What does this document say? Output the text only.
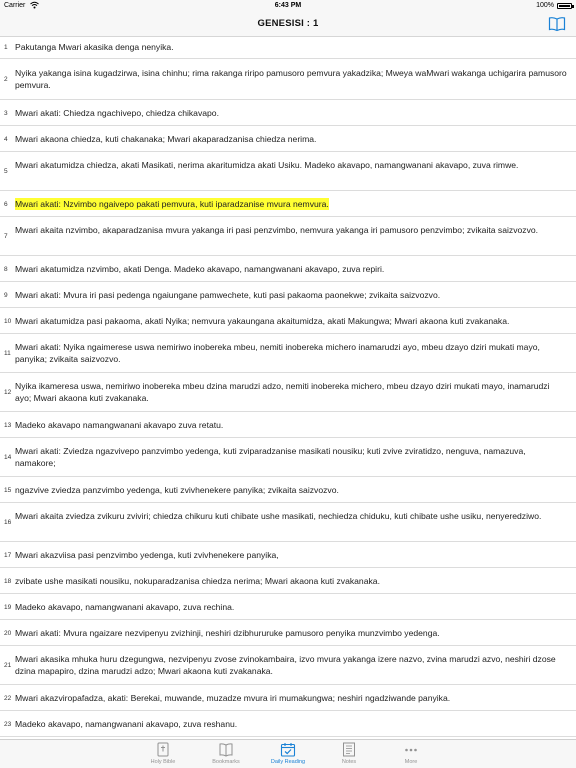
Carrier	6:43 PM	100%
GENESISI : 1
1 Pakutanga Mwari akasika denga nenyika.
2
Nyika yakanga isina kugadzirwa, isina chinhu; rima rakanga riripo pamusoro pemvura yakadzika; Mweya waMwari wakanga uchigarira pamusoro pemvura.
3 Mwari akati: Chiedza ngachivepo, chiedza chikavapo.
4 Mwari akaona chiedza, kuti chakanaka; Mwari akaparadzanisa chiedza nerima.
5
Mwari akatumidza chiedza, akati Masikati, nerima akaritumidza akati Usiku. Madeko akavapo, namangwanani akavapo, zuva rimwe.
6 Mwari akati: Nzvimbo ngaivepo pakati pemvura, kuti iparadzanise mvura nemvura.
7
Mwari akaita nzvimbo, akaparadzanisa mvura yakanga iri pasi penzvimbo, nemvura yakanga iri pamusoro penzvimbo; zvikaita saizvozvo.
8 Mwari akatumidza nzvimbo, akati Denga. Madeko akavapo, namangwanani akavapo, zuva repiri.
9 Mwari akati: Mvura iri pasi pedenga ngaiungane pamwechete, kuti pasi pakaoma paonekwe; zvikaita saizvozvo.
10 Mwari akatumidza pasi pakaoma, akati Nyika; nemvura yakaungana akaitumidza, akati Makungwa; Mwari akaona kuti zvakanaka.
11
Mwari akati: Nyika ngaimerese uswa nemiriwo inobereka mbeu, nemiti inobereka michero inamarudzi ayo, mbeu dzayo dziri mukati mayo, panyika; zvikaita saizvozvo.
12
Nyika ikameresa uswa, nemiriwo inobereka mbeu dzina marudzi adzo, nemiti inobereka michero, mbeu dzayo dziri mukati mayo, inamarudzi ayo; Mwari akaona kuti zvakanaka.
13 Madeko akavapo namangwanani akavapo zuva retatu.
14
Mwari akati: Zviedza ngazvivepo panzvimbo yedenga, kuti zviparadzanise masikati nousiku; kuti zvive zviratidzo, nenguva, namazuva, namakore;
15 ngazvive zviedza panzvimbo yedenga, kuti zvivhenekere panyika; zvikaita saizvozvo.
16
Mwari akaita zviedza zvikuru zviviri; chiedza chikuru kuti chibate ushe masikati, nechiedza chiduku, kuti chibate ushe usiku, nenyeredziwo.
17 Mwari akazviisa pasi penzvimbo yedenga, kuti zvivhenekere panyika,
18 zvibate ushe masikati nousiku, nokuparadzanisa chiedza nerima; Mwari akaona kuti zvakanaka.
19 Madeko akavapo, namangwanani akavapo, zuva rechina.
20 Mwari akati: Mvura ngaizare nezvipenyu zvizhinji, neshiri dzibhururuke pamusoro penyika munzvimbo yedenga.
21
Mwari akasika mhuka huru dzegungwa, nezvipenyu zvose zvinokambaira, izvo mvura yakanga izere nazvo, zvina marudzi azvo, neshiri dzose dzina mapapiro, dzina marudzi adzo; Mwari akaona kuti zvakanaka.
22 Mwari akazviropafadza, akati: Berekai, muwande, muzadze mvura iri mumakungwa; neshiri ngadziwande panyika.
23 Madeko akavapo, namangwanani akavapo, zuva reshanu.
Holy Bible	Bookmarks	Daily Reading	Notes	More
